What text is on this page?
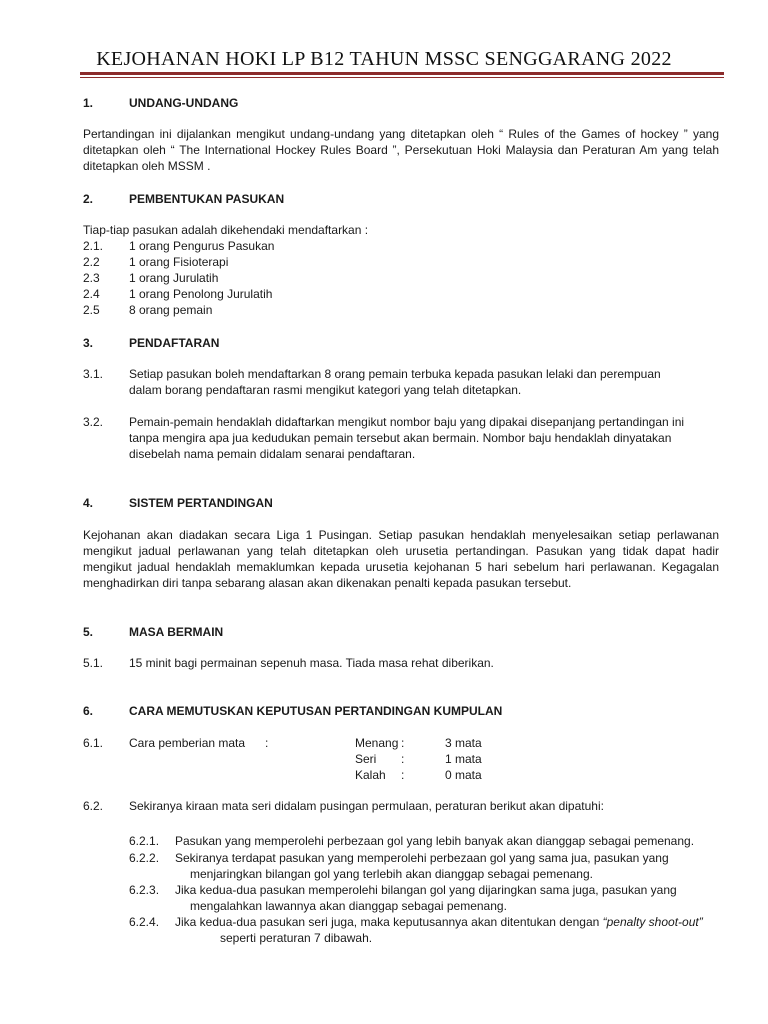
KEJOHANAN HOKI LP B12 TAHUN MSSC SENGGARANG 2022
1.	UNDANG-UNDANG
Pertandingan ini dijalankan mengikut undang-undang yang ditetapkan oleh “ Rules of the Games of hockey ” yang ditetapkan oleh “ The International Hockey Rules Board ”, Persekutuan Hoki Malaysia dan Peraturan Am yang telah ditetapkan oleh MSSM .
2.	PEMBENTUKAN PASUKAN
Tiap-tiap pasukan adalah dikehendaki mendaftarkan :
2.1. 1 orang Pengurus Pasukan
2.2 1 orang Fisioterapi
2.3 1 orang Jurulatih
2.4 1 orang Penolong Jurulatih
2.5 8 orang pemain
3.	PENDAFTARAN
3.1. Setiap pasukan boleh mendaftarkan 8 orang pemain terbuka kepada pasukan lelaki dan perempuan
dalam borang pendaftaran rasmi mengikut kategori yang telah ditetapkan.
3.2. Pemain-pemain hendaklah didaftarkan mengikut nombor baju yang dipakai disepanjang pertandingan ini
tanpa mengira apa jua kedudukan pemain tersebut akan bermain. Nombor baju hendaklah dinyatakan
disebelah nama pemain didalam senarai pendaftaran.
4.	SISTEM PERTANDINGAN
Kejohanan akan diadakan secara Liga 1 Pusingan. Setiap pasukan hendaklah menyelesaikan setiap perlawanan mengikut jadual perlawanan yang telah ditetapkan oleh urusetia pertandingan. Pasukan yang tidak dapat hadir mengikut jadual hendaklah memaklumkan kepada urusetia kejohanan 5 hari sebelum hari perlawanan. Kegagalan menghadirkan diri tanpa sebarang alasan akan dikenakan penalti kepada pasukan tersebut.
5.	MASA BERMAIN
5.1. 15 minit bagi permainan sepenuh masa. Tiada masa rehat diberikan.
6.	CARA MEMUTUSKAN KEPUTUSAN PERTANDINGAN KUMPULAN
6.1. Cara pemberian mata :	Menang :	3 mata
Seri :	1 mata
Kalah :	0 mata
6.2. Sekiranya kiraan mata seri didalam pusingan permulaan, peraturan berikut akan dipatuhi:
6.2.1. Pasukan yang memperolehi perbezaan gol yang lebih banyak akan dianggap sebagai pemenang.
6.2.2. Sekiranya terdapat pasukan yang memperolehi perbezaan gol yang sama jua, pasukan yang
menjaringkan bilangan gol yang terlebih akan dianggap sebagai pemenang.
6.2.3. Jika kedua-dua pasukan memperolehi bilangan gol yang dijaringkan sama juga, pasukan yang
mengalahkan lawannya akan dianggap sebagai pemenang.
6.2.4. Jika kedua-dua pasukan seri juga, maka keputusannya akan ditentukan dengan “penalty shoot-out”
seperti peraturan 7 dibawah.
